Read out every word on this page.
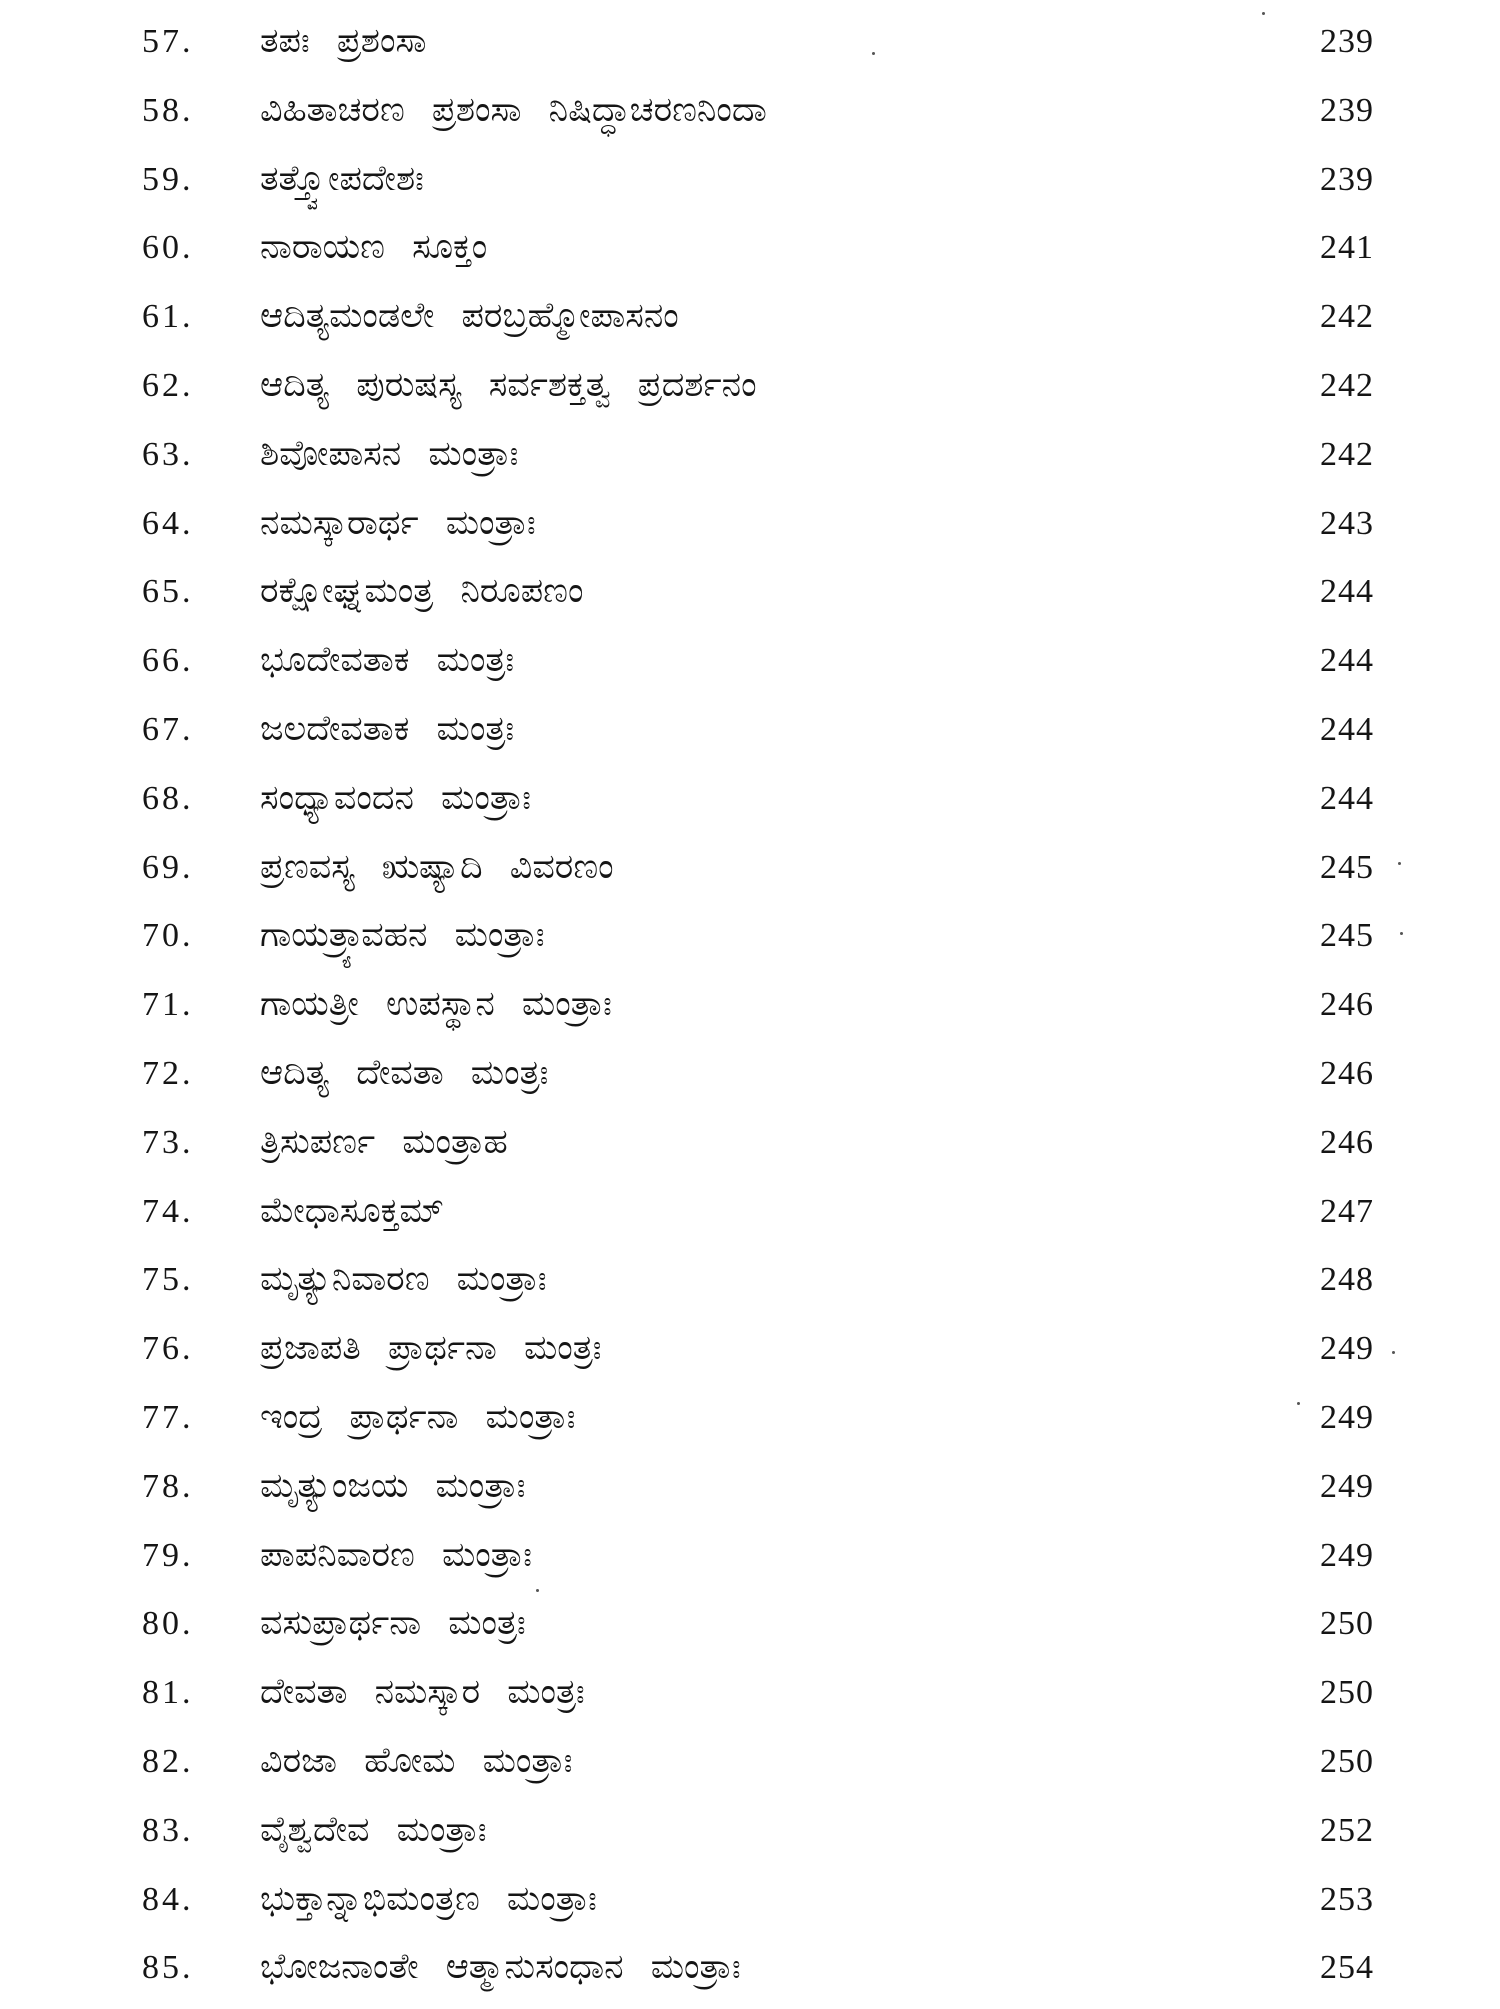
57. ತಪಃ ಪ್ರಶಂಸಾ	239
58. ವಿಹಿತಾಚರಣ ಪ್ರಶಂಸಾ ನಿಷಿದ್ಧಾಚರಣನಿಂದಾ	239
59. ತತ್ತ್ವೋಪದೇಶಃ	239
60. ನಾರಾಯಣ ಸೂಕ್ತಂ	241
61. ಆದಿತ್ಯಮಂಡಲೇ ಪರಬ್ರಹ್ಮೋಪಾಸನಂ	242
62. ಆದಿತ್ಯ ಪುರುಷಸ್ಯ ಸರ್ವಶಕ್ತತ್ವ ಪ್ರದರ್ಶನಂ	242
63. ಶಿವೋಪಾಸನ ಮಂತ್ರಾಃ	242
64. ನಮಸ್ಕಾರಾರ್ಥ ಮಂತ್ರಾಃ	243
65. ರಕ್ಷೋಘ್ನಮಂತ್ರ ನಿರೂಪಣಂ	244
66. ಭೂದೇವತಾಕ ಮಂತ್ರಃ	244
67. ಜಲದೇವತಾಕ ಮಂತ್ರಃ	244
68. ಸಂಧ್ಯಾವಂದನ ಮಂತ್ರಾಃ	244
69. ಪ್ರಣವಸ್ಯ ಋಷ್ಯಾದಿ ವಿವರಣಂ	245
70. ಗಾಯತ್ರ್ಯಾವಹನ ಮಂತ್ರಾಃ	245
71. ಗಾಯತ್ರೀ ಉಪಸ್ಥಾನ ಮಂತ್ರಾಃ	246
72. ಆದಿತ್ಯ ದೇವತಾ ಮಂತ್ರಃ	246
73. ತ್ರಿಸುಪರ್ಣ ಮಂತ್ರಾಹ	246
74. ಮೇಧಾಸೂಕ್ತಮ್	247
75. ಮೃತ್ಯುನಿವಾರಣ ಮಂತ್ರಾಃ	248
76. ಪ್ರಜಾಪತಿ ಪ್ರಾರ್ಥನಾ ಮಂತ್ರಃ	249
77. ಇಂದ್ರ ಪ್ರಾರ್ಥನಾ ಮಂತ್ರಾಃ	249
78. ಮೃತ್ಯುಂಜಯ ಮಂತ್ರಾಃ	249
79. ಪಾಪನಿವಾರಣ ಮಂತ್ರಾಃ	249
80. ವಸುಪ್ರಾರ್ಥನಾ ಮಂತ್ರಃ	250
81. ದೇವತಾ ನಮಸ್ಕಾರ ಮಂತ್ರಃ	250
82. ವಿರಜಾ ಹೋಮ ಮಂತ್ರಾಃ	250
83. ವೈಶ್ವದೇವ ಮಂತ್ರಾಃ	252
84. ಭುಕ್ತಾನ್ನಾಭಿಮಂತ್ರಣ ಮಂತ್ರಾಃ	253
85. ಭೋಜನಾಂತೇ ಆತ್ಮಾನುಸಂಧಾನ ಮಂತ್ರಾಃ	254
